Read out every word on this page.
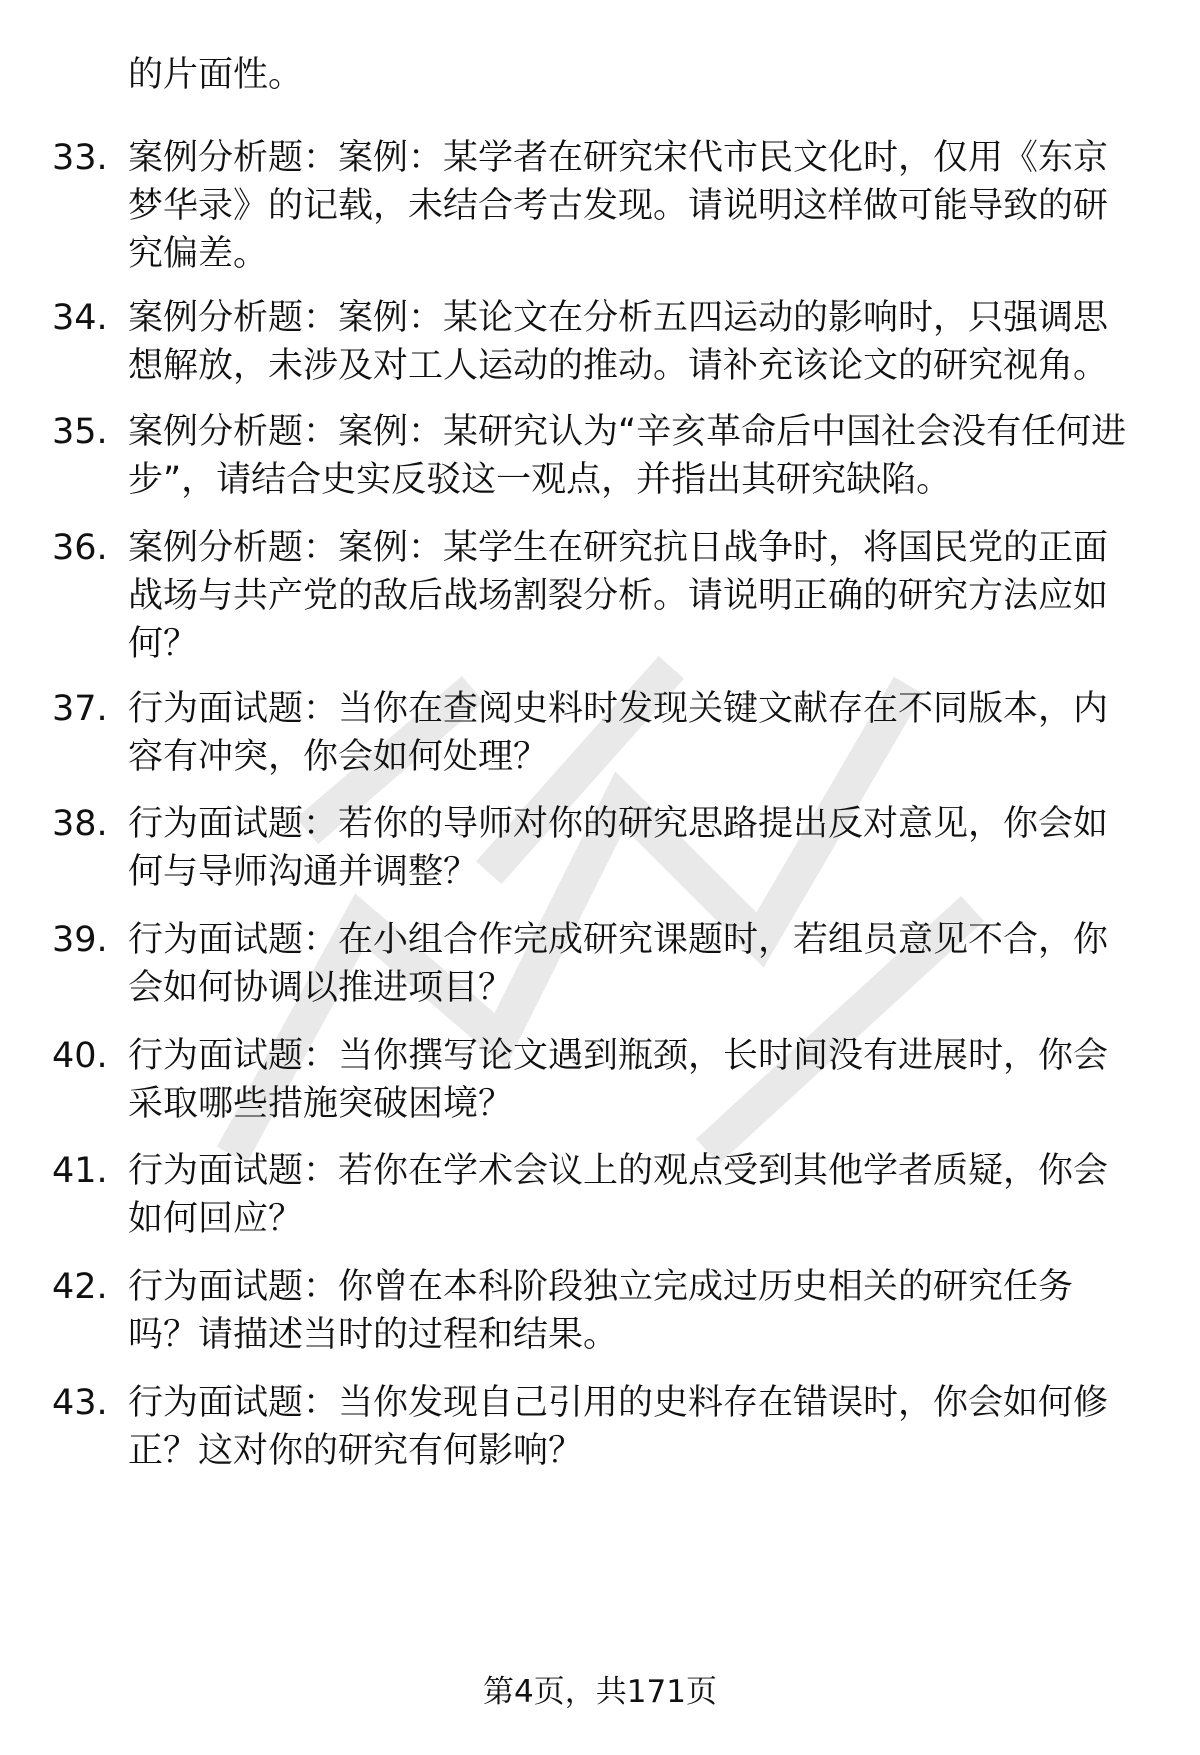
的片面性。
33. 案例分析题：案例：某学者在研究宋代市民文化时，仅用《东京梦华录》的记载，未结合考古发现。请说明这样做可能导致的研究偏差。
34. 案例分析题：案例：某论文在分析五四运动的影响时，只强调思想解放，未涉及对工人运动的推动。请补充该论文的研究视角。
35. 案例分析题：案例：某研究认为“辛亥革命后中国社会没有任何进步”，请结合史实反驳这一观点，并指出其研究缺陷。
36. 案例分析题：案例：某学生在研究抗日战争时，将国民党的正面战场与共产党的敌后战场割裂分析。请说明正确的研究方法应如何？
37. 行为面试题：当你在查阅史料时发现关键文献存在不同版本，内容有冲突，你会如何处理？
38. 行为面试题：若你的导师对你的研究思路提出反对意见，你会如何与导师沟通并调整？
39. 行为面试题：在小组合作完成研究课题时，若组员意见不合，你会如何协调以推进项目？
40. 行为面试题：当你撰写论文遇到瓶颈，长时间没有进展时，你会采取哪些措施突破困境？
41. 行为面试题：若你在学术会议上的观点受到其他学者质疑，你会如何回应？
42. 行为面试题：你曾在本科阶段独立完成过历史相关的研究任务吗？请描述当时的过程和结果。
43. 行为面试题：当你发现自己引用的史料存在错误时，你会如何修正？这对你的研究有何影响？
第4页，共171页
